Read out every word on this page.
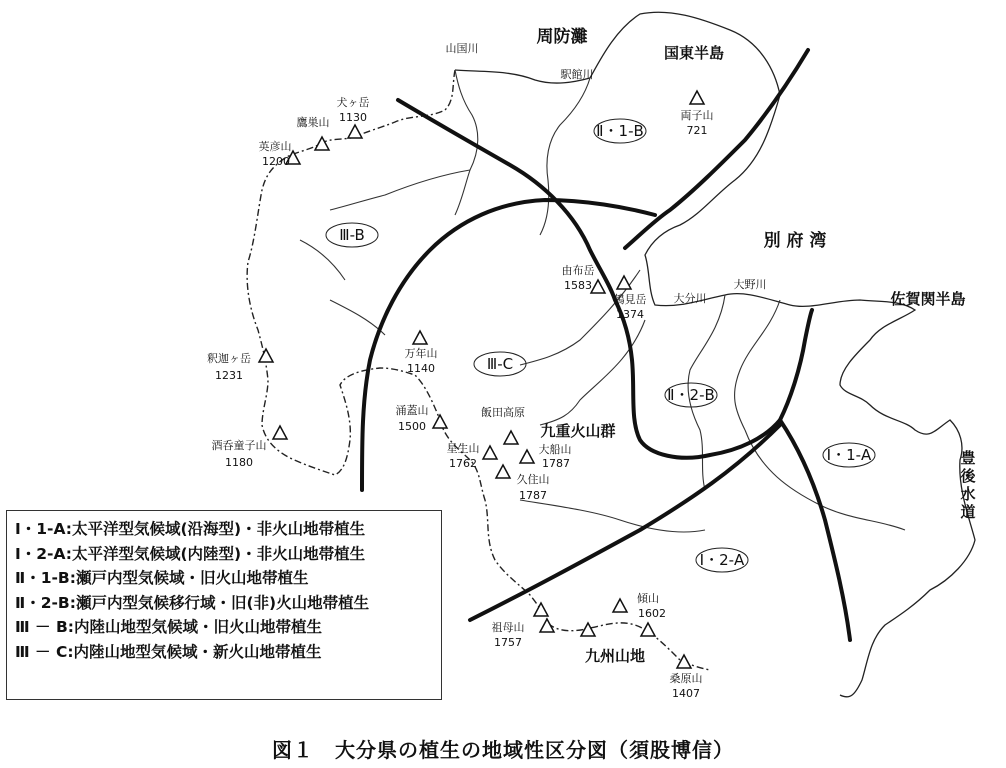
Ⅱ・1-B
Ⅲ-B
Ⅲ-C
Ⅱ・2-B
Ⅰ・1-A
Ⅰ・2-A
周防灘
別 府 湾
国東半島
佐賀関半島
九重火山群
九州山地
飯田高原
豊
後
水
道
山国川
駅館川
大分川
大野川
両子山
721
犬ヶ岳
1130
鷹巣山
英彦山
1200
由布岳
1583
鶴見岳
1374
釈迦ヶ岳
1231
万年山
1140
涌蓋山
1500
星生山
1762
大船山
1787
久住山
1787
酒呑童子山
1180
祖母山
1757
傾山
1602
桑原山
1407
Ⅰ・1-A:太平洋型気候域(沿海型)・非火山地帯植生
Ⅰ・2-A:太平洋型気候域(内陸型)・非火山地帯植生
Ⅱ・1-B:瀬戸内型気候域・旧火山地帯植生
Ⅱ・2-B:瀬戸内型気候移行域・旧(非)火山地帯植生
Ⅲ － B:内陸山地型気候域・旧火山地帯植生
Ⅲ － C:内陸山地型気候域・新火山地帯植生
図１　大分県の植生の地域性区分図（須股博信）
